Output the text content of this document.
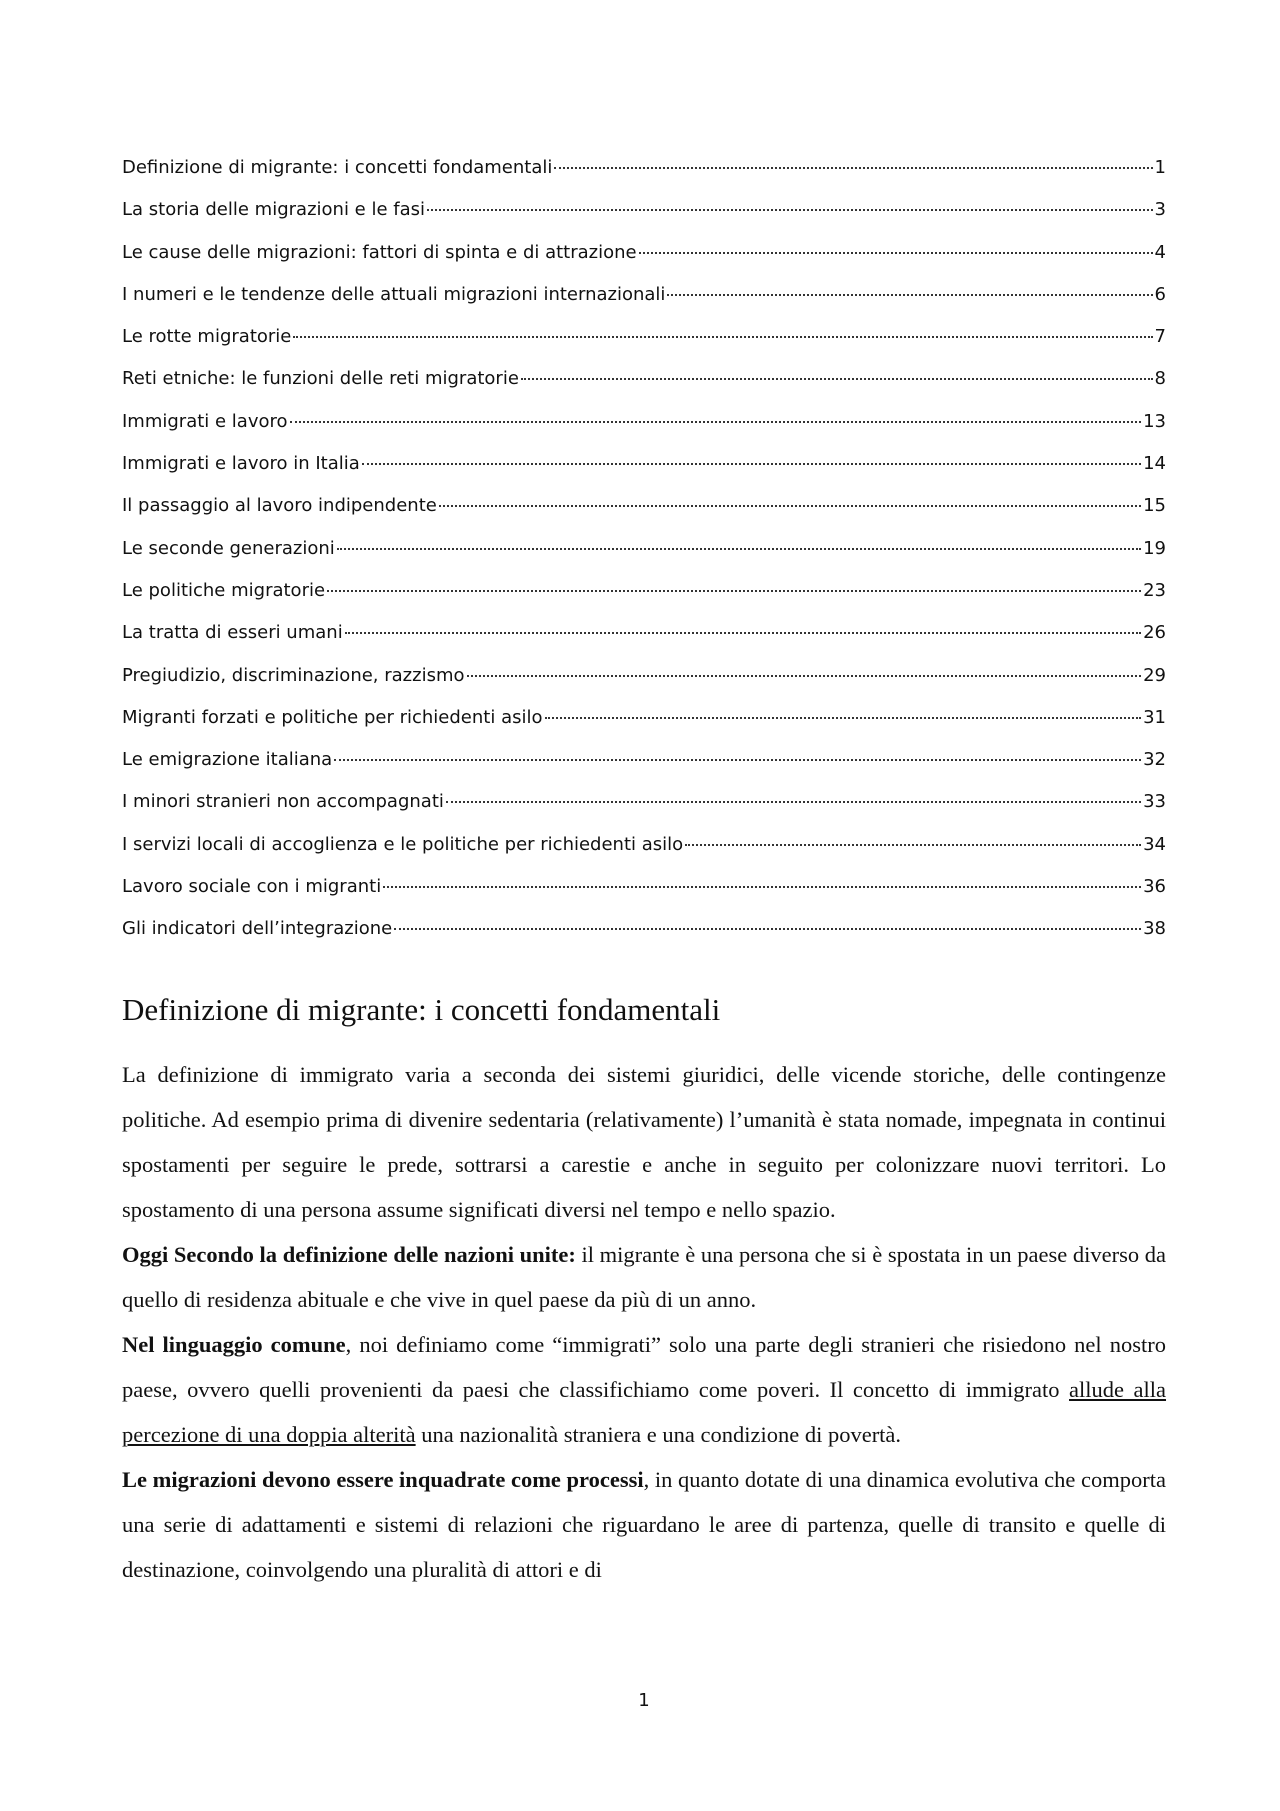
Definizione di migrante: i concetti fondamentali	1
La storia delle migrazioni e le fasi	3
Le cause delle migrazioni: fattori di spinta e di attrazione	4
I numeri e le tendenze delle attuali migrazioni internazionali	6
Le rotte migratorie	7
Reti etniche: le funzioni delle reti migratorie	8
Immigrati e lavoro	13
Immigrati e lavoro in Italia	14
Il passaggio al lavoro indipendente	15
Le seconde generazioni	19
Le politiche migratorie	23
La tratta di esseri umani	26
Pregiudizio, discriminazione, razzismo	29
Migranti forzati e politiche per richiedenti asilo	31
Le emigrazione italiana	32
I minori stranieri non accompagnati	33
I servizi locali di accoglienza e le politiche per richiedenti asilo	34
Lavoro sociale con i migranti	36
Gli indicatori dell’integrazione	38
Definizione di migrante: i concetti fondamentali

La definizione di immigrato varia a seconda dei sistemi giuridici, delle vicende storiche, delle contingenze politiche. Ad esempio prima di divenire sedentaria (relativamente) l’umanità è stata nomade, impegnata in continui spostamenti per seguire le prede, sottrarsi a carestie e anche in seguito per colonizzare nuovi territori. Lo spostamento di una persona assume significati diversi nel tempo e nello spazio.

Oggi Secondo la definizione delle nazioni unite: il migrante è una persona che si è spostata in un paese diverso da quello di residenza abituale e che vive in quel paese da più di un anno.

Nel linguaggio comune, noi definiamo come “immigrati” solo una parte degli stranieri che risiedono nel nostro paese, ovvero quelli provenienti da paesi che classifichiamo come poveri. Il concetto di immigrato allude alla percezione di una doppia alterità una nazionalità straniera e una condizione di povertà.

Le migrazioni devono essere inquadrate come processi, in quanto dotate di una dinamica evolutiva che comporta una serie di adattamenti e sistemi di relazioni che riguardano le aree di partenza, quelle di transito e quelle di destinazione, coinvolgendo una pluralità di attori e di

1
